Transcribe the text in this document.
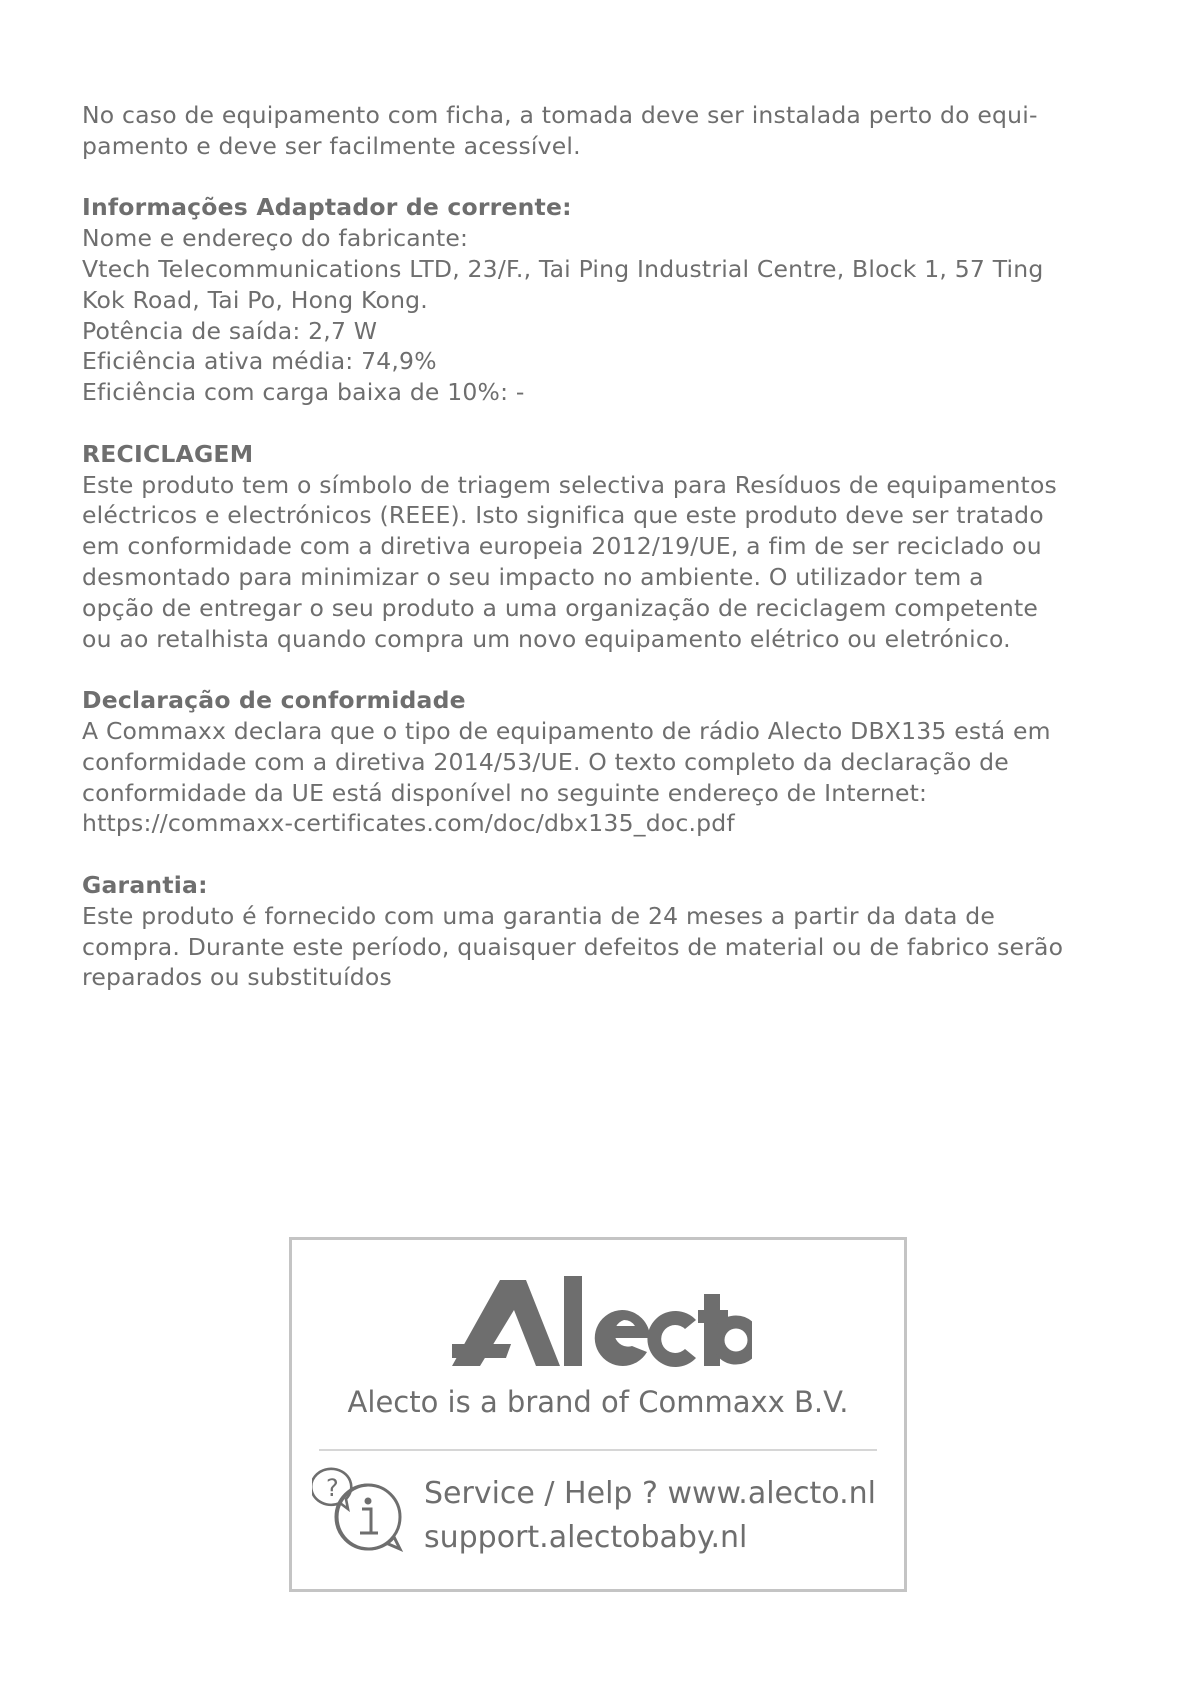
No caso de equipamento com ficha, a tomada deve ser instalada perto do equi-
pamento e deve ser facilmente acessível.

Informações Adaptador de corrente:
Nome e endereço do fabricante:
Vtech Telecommunications LTD, 23/F., Tai Ping Industrial Centre, Block 1, 57 Ting
Kok Road, Tai Po, Hong Kong.
Potência de saída: 2,7 W
Eficiência ativa média: 74,9%
Eficiência com carga baixa de 10%: -

RECICLAGEM
Este produto tem o símbolo de triagem selectiva para Resíduos de equipamentos
eléctricos e electrónicos (REEE). Isto significa que este produto deve ser tratado
em conformidade com a diretiva europeia 2012/19/UE, a fim de ser reciclado ou
desmontado para minimizar o seu impacto no ambiente. O utilizador tem a
opção de entregar o seu produto a uma organização de reciclagem competente
ou ao retalhista quando compra um novo equipamento elétrico ou eletrónico.

Declaração de conformidade
A Commaxx declara que o tipo de equipamento de rádio Alecto DBX135 está em
conformidade com a diretiva 2014/53/UE. O texto completo da declaração de
conformidade da UE está disponível no seguinte endereço de Internet:
https://commaxx-certificates.com/doc/dbx135_doc.pdf

Garantia:
Este produto é fornecido com uma garantia de 24 meses a partir da data de
compra. Durante este período, quaisquer defeitos de material ou de fabrico serão
reparados ou substituídos

Alecto is a brand of Commaxx B.V.
?	Service / Help ? www.alecto.nl
support.alectobaby.nl
